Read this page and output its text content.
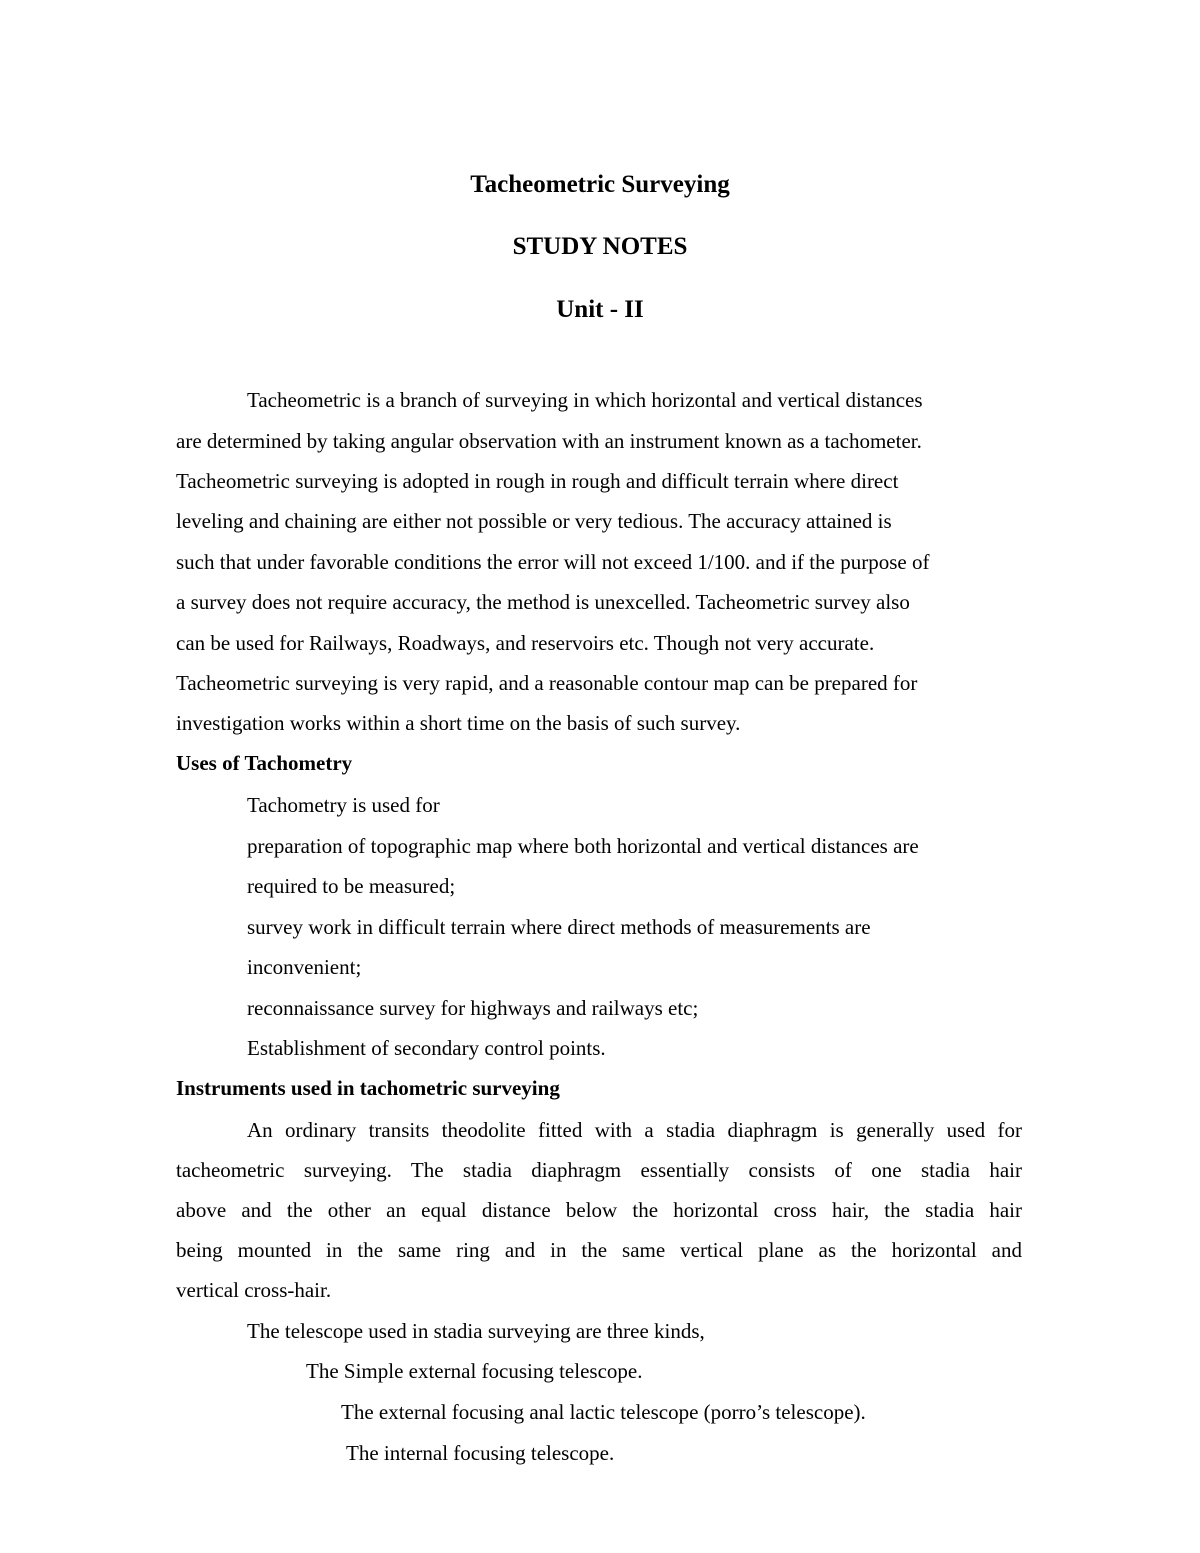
Tacheometric Surveying
STUDY NOTES
Unit - II
Tacheometric is a branch of surveying in which horizontal and vertical distances
are determined by taking angular observation with an instrument known as a tachometer.
Tacheometric surveying is adopted in rough in rough and difficult terrain where direct
leveling and chaining are either not possible or very tedious. The accuracy attained is
such that under favorable conditions the error will not exceed 1/100. and if the purpose of
a survey does not require accuracy, the method is unexcelled. Tacheometric survey also
can be used for Railways, Roadways, and reservoirs etc. Though not very accurate.
Tacheometric surveying is very rapid, and a reasonable contour map can be prepared for
investigation works within a short time on the basis of such survey.
Uses of Tachometry
Tachometry is used for
preparation of topographic map where both horizontal and vertical distances are
required to be measured;
survey work in difficult terrain where direct methods of measurements are
inconvenient;
reconnaissance survey for highways and railways etc;
Establishment of secondary control points.
Instruments used in tachometric surveying
An ordinary transits theodolite fitted with a stadia diaphragm is generally used for
tacheometric surveying. The stadia diaphragm essentially consists of one stadia hair
above and the other an equal distance below the horizontal cross hair, the stadia hair
being mounted in the same ring and in the same vertical plane as the horizontal and
vertical cross-hair.
The telescope used in stadia surveying are three kinds,
The Simple external focusing telescope.
The external focusing anal lactic telescope (porro’s telescope).
The internal focusing telescope.
